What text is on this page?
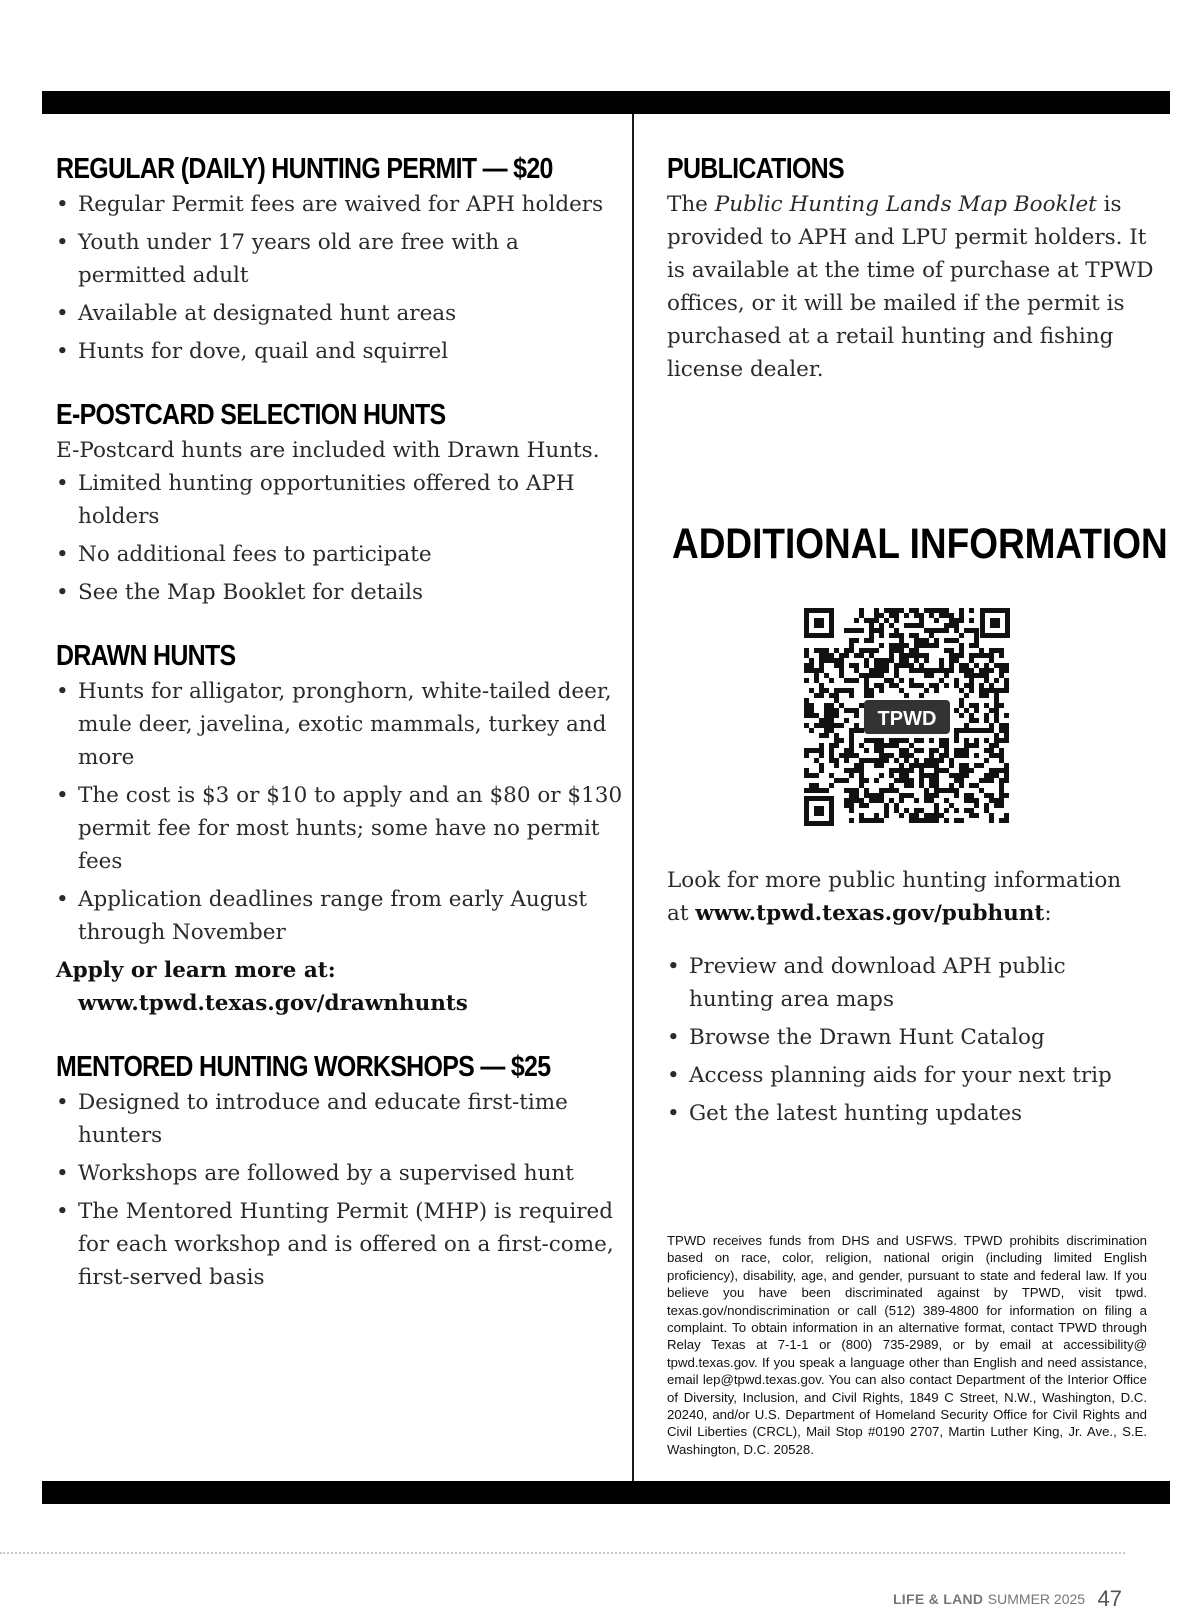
REGULAR (DAILY) HUNTING PERMIT — $20
• Regular Permit fees are waived for APH holders
• Youth under 17 years old are free with a permitted adult
• Available at designated hunt areas
• Hunts for dove, quail and squirrel
E-POSTCARD SELECTION HUNTS

E-Postcard hunts are included with Drawn Hunts.

• Limited hunting opportunities offered to APH holders
• No additional fees to participate
• See the Map Booklet for details
DRAWN HUNTS
• Hunts for alligator, pronghorn, white-tailed deer, mule deer, javelina, exotic mammals, turkey and more
• The cost is $3 or $10 to apply and an $80 or $130 permit fee for most hunts; some have no permit fees
• Application deadlines range from early August through November
Apply or learn more at:
www.tpwd.texas.gov/drawnhunts
MENTORED HUNTING WORKSHOPS — $25
• Designed to introduce and educate first-time hunters
• Workshops are followed by a supervised hunt
• The Mentored Hunting Permit (MHP) is required for each workshop and is offered on a first-come, first-served basis
PUBLICATIONS

The Public Hunting Lands Map Booklet is provided to APH and LPU permit holders. It is available at the time of purchase at TPWD offices, or it will be mailed if the permit is purchased at a retail hunting and fishing license dealer.

ADDITIONAL INFORMATION
TPWD

Look for more public hunting information at www.tpwd.texas.gov/pubhunt:

• Preview and download APH public hunting area maps
• Browse the Drawn Hunt Catalog
• Access planning aids for your next trip
• Get the latest hunting updates
TPWD receives funds from DHS and USFWS. TPWD prohibits discrimination based on race, color, religion, national origin (including limited English proficiency), disability, age, and gender, pursuant to state and federal law. If you believe you have been discriminated against by TPWD, visit tpwd. texas.gov/nondiscrimination or call (512) 389-4800 for information on filing a complaint. To obtain information in an alternative format, contact TPWD through Relay Texas at 7-1-1 or (800) 735-2989, or by email at accessibility@ tpwd.texas.gov. If you speak a language other than English and need assistance, email lep@tpwd.texas.gov. You can also contact Department of the Interior Office of Diversity, Inclusion, and Civil Rights, 1849 C Street, N.W., Washington, D.C. 20240, and/or U.S. Department of Homeland Security Office for Civil Rights and Civil Liberties (CRCL), Mail Stop #0190 2707, Martin Luther King, Jr. Ave., S.E. Washington, D.C. 20528.
LIFE & LAND SUMMER 2025 47
